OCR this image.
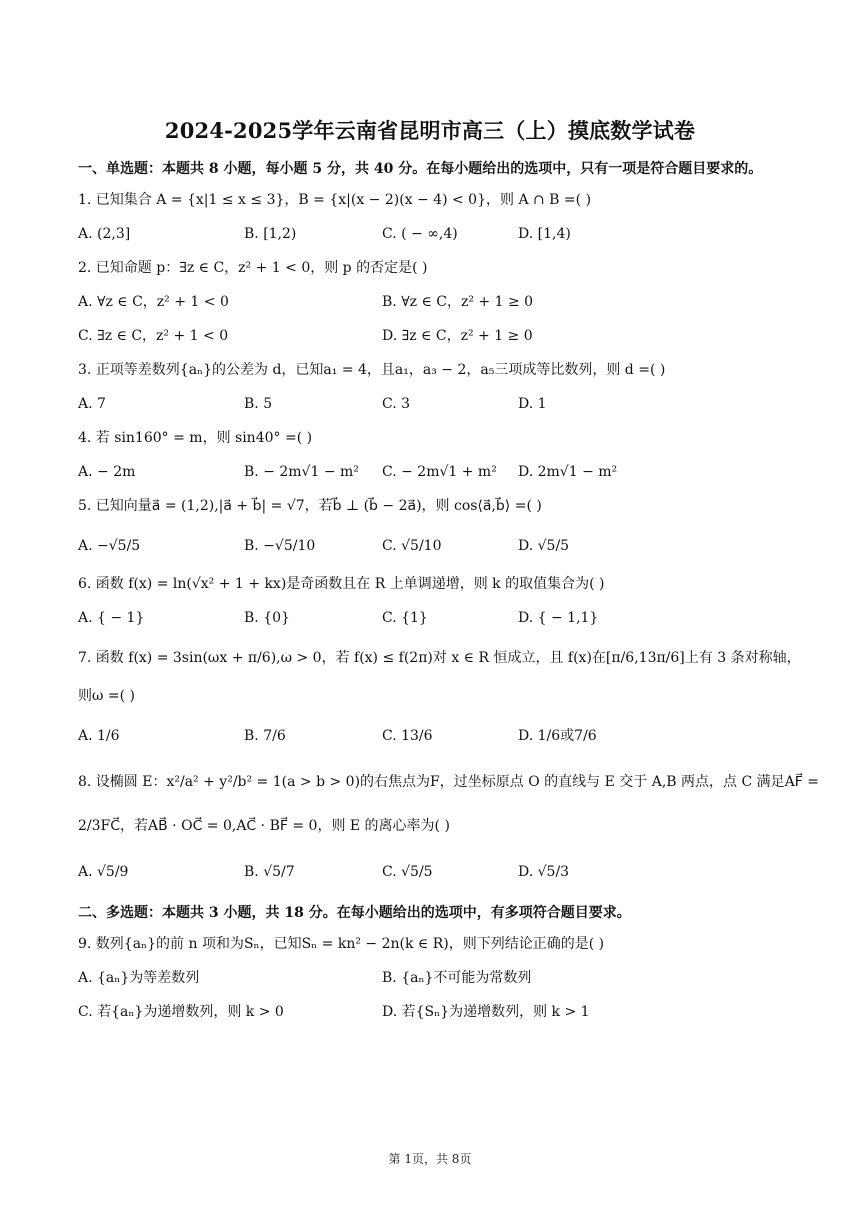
2024-2025学年云南省昆明市高三（上）摸底数学试卷
一、单选题：本题共 8 小题，每小题 5 分，共 40 分。在每小题给出的选项中，只有一项是符合题目要求的。
1. 已知集合 A = {x|1 ≤ x ≤ 3}，B = {x|(x − 2)(x − 4) < 0}，则 A ∩ B =( )
A. (2,3]	B. [1,2)	C. ( − ∞,4)	D. [1,4)
2. 已知命题 p：∃z ∈ C，z² + 1 < 0，则 p 的否定是( )
A. ∀z ∈ C，z² + 1 < 0	B. ∀z ∈ C，z² + 1 ≥ 0
C. ∃z ∈ C，z² + 1 < 0	D. ∃z ∈ C，z² + 1 ≥ 0
3. 正项等差数列{aₙ}的公差为 d，已知a₁ = 4，且a₁，a₃ − 2，a₅三项成等比数列，则 d =( )
A. 7	B. 5	C. 3	D. 1
4. 若 sin160° = m，则 sin40° =( )
A. − 2m	B. − 2m√1 − m² C. − 2m√1 + m² D. 2m√1 − m²
5. 已知向量a⃗ = (1,2),|a⃗ + b⃗| = √7，若b⃗ ⊥ (b⃗ − 2a⃗)，则 cos⟨a⃗,b⃗⟩ =( )
A. −√5/5	B. −√5/10	C. √5/10	D. √5/5
6. 函数 f(x) = ln(√x² + 1 + kx)是奇函数且在 R 上单调递增，则 k 的取值集合为( )
A. { − 1}	B. {0}	C. {1}	D. { − 1,1}
7. 函数 f(x) = 3sin(ωx + π/6),ω > 0，若 f(x) ≤ f(2π)对 x ∈ R 恒成立，且 f(x)在[π/6,13π/6]上有 3 条对称轴，
则ω =( )
A. 1/6	B. 7/6	C. 13/6	D. 1/6或7/6
8. 设椭圆 E：x²/a² + y²/b² = 1(a > b > 0)的右焦点为F，过坐标原点 O 的直线与 E 交于 A,B 两点，点 C 满足AF⃗ =
2/3FC⃗，若AB⃗ · OC⃗ = 0,AC⃗ · BF⃗ = 0，则 E 的离心率为( )
A. √5/9	B. √5/7	C. √5/5	D. √5/3
二、多选题：本题共 3 小题，共 18 分。在每小题给出的选项中，有多项符合题目要求。
9. 数列{aₙ}的前 n 项和为Sₙ，已知Sₙ = kn² − 2n(k ∈ R)，则下列结论正确的是( )
A. {aₙ}为等差数列	B. {aₙ}不可能为常数列
C. 若{aₙ}为递增数列，则 k > 0	D. 若{Sₙ}为递增数列，则 k > 1
第 1页，共 8页
